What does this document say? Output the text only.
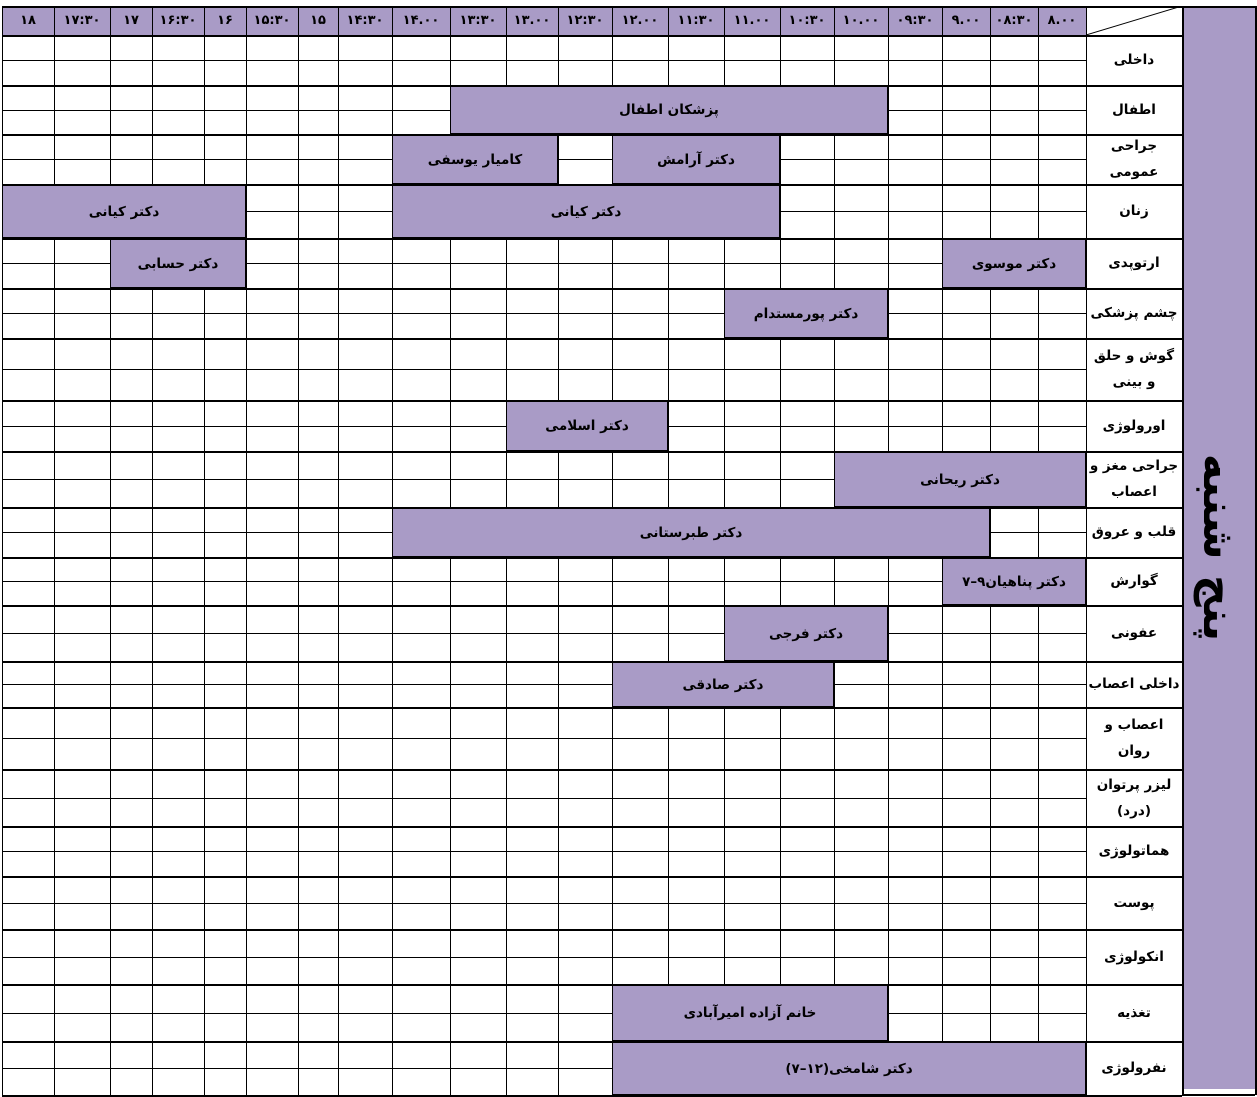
پنج شنبه
۸.۰۰
۰۸:۳۰
۹.۰۰
۰۹:۳۰
۱۰.۰۰
۱۰:۳۰
۱۱.۰۰
۱۱:۳۰
۱۲.۰۰
۱۲:۳۰
۱۳.۰۰
۱۳:۳۰
۱۴.۰۰
۱۴:۳۰
۱۵
۱۵:۳۰
۱۶
۱۶:۳۰
۱۷
۱۷:۳۰
۱۸
داخلی
اطفال
جراحی عمومی
زنان
ارتوپدی
چشم پزشکی
گوش و حلق و بینی
اورولوژی
جراحی مغز و اعصاب
قلب و عروق
گوارش
عفونی
داخلی اعصاب
اعصاب و روان
لیزر پرتوان (درد)
هماتولوژی
پوست
انکولوژی
تغذیه
نفرولوژی
پزشکان اطفال
دکتر آرامش
کامیار یوسفی
دکتر کیانی
دکتر کیانی
دکتر موسوی
دکتر حسابی
دکتر پورمستدام
دکتر اسلامی
دکتر ریحانی
دکتر طبرستانی
دکتر پناهیان۹–۷
دکتر فرجی
دکتر صادقی
خانم آزاده امیرآبادی
دکتر شامخی(۱۲–۷)
